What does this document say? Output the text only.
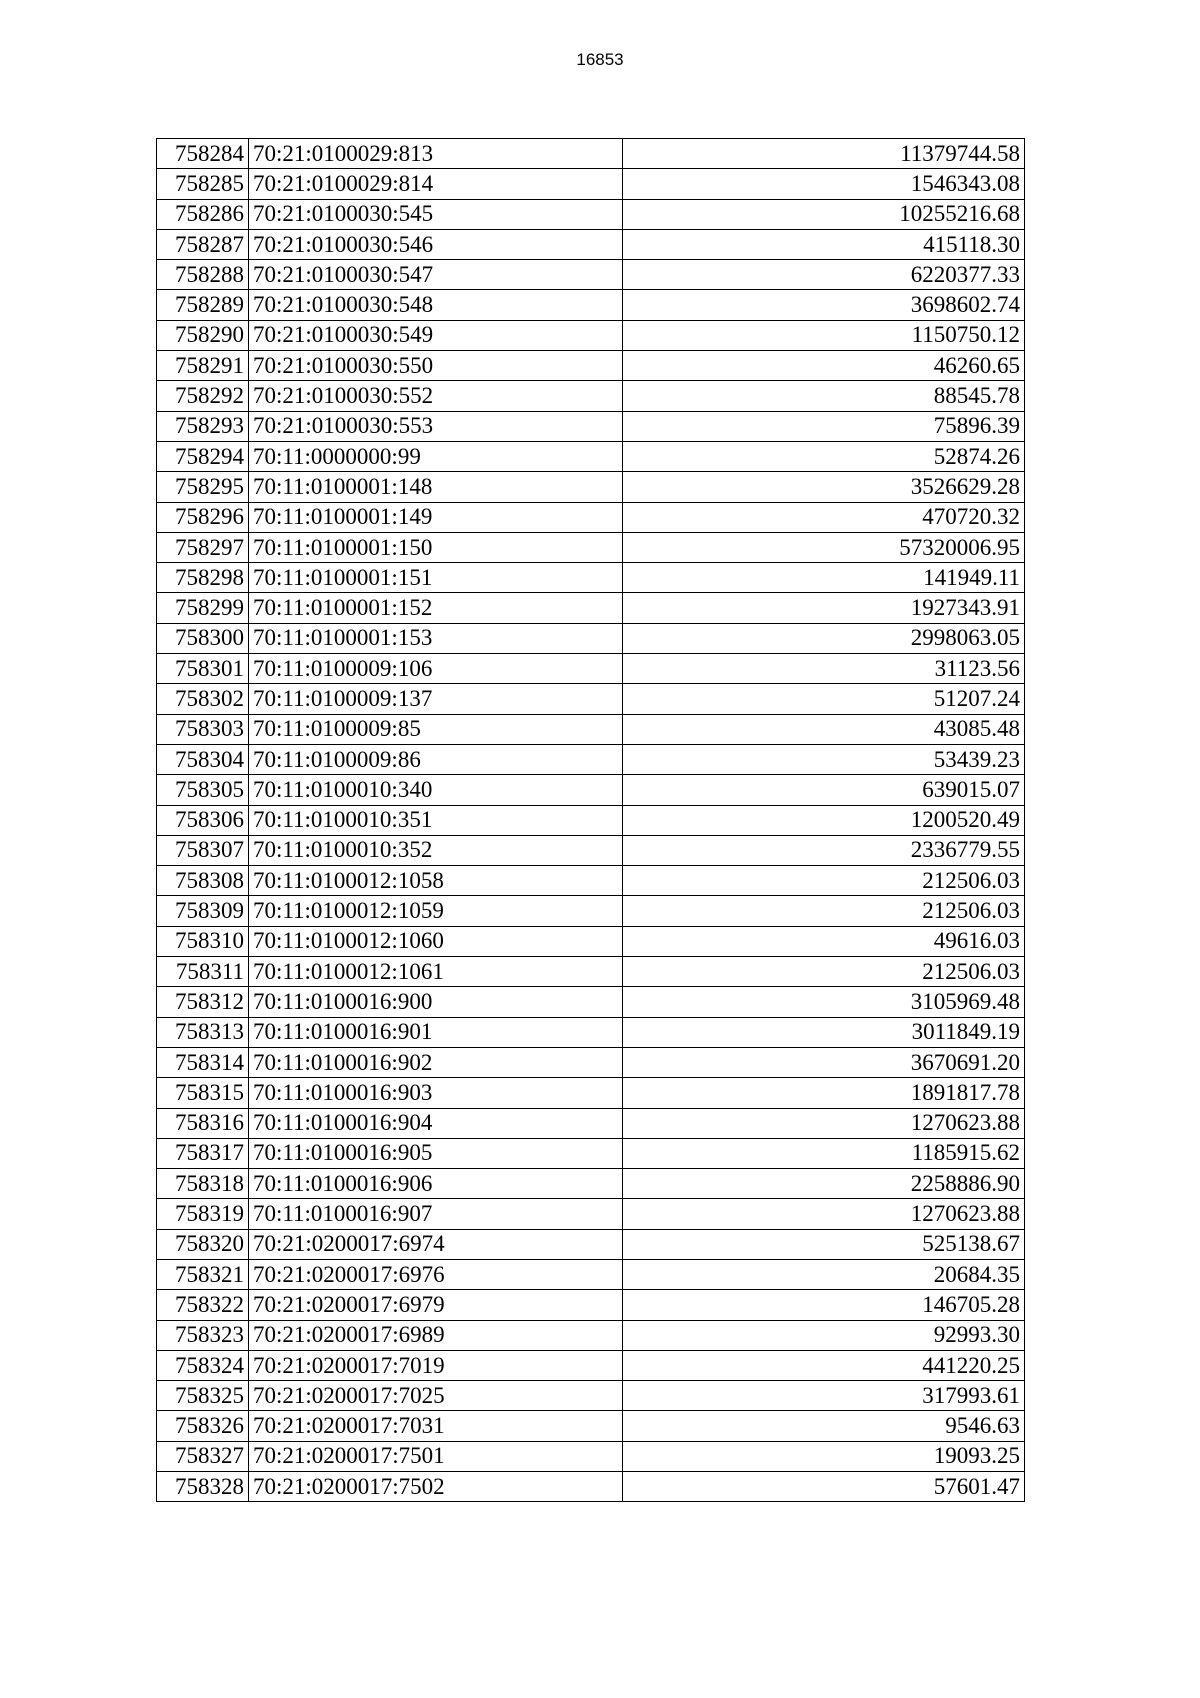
16853
758284	70:21:0100029:813	11379744.58
758285	70:21:0100029:814	1546343.08
758286	70:21:0100030:545	10255216.68
758287	70:21:0100030:546	415118.30
758288	70:21:0100030:547	6220377.33
758289	70:21:0100030:548	3698602.74
758290	70:21:0100030:549	1150750.12
758291	70:21:0100030:550	46260.65
758292	70:21:0100030:552	88545.78
758293	70:21:0100030:553	75896.39
758294	70:11:0000000:99	52874.26
758295	70:11:0100001:148	3526629.28
758296	70:11:0100001:149	470720.32
758297	70:11:0100001:150	57320006.95
758298	70:11:0100001:151	141949.11
758299	70:11:0100001:152	1927343.91
758300	70:11:0100001:153	2998063.05
758301	70:11:0100009:106	31123.56
758302	70:11:0100009:137	51207.24
758303	70:11:0100009:85	43085.48
758304	70:11:0100009:86	53439.23
758305	70:11:0100010:340	639015.07
758306	70:11:0100010:351	1200520.49
758307	70:11:0100010:352	2336779.55
758308	70:11:0100012:1058	212506.03
758309	70:11:0100012:1059	212506.03
758310	70:11:0100012:1060	49616.03
758311	70:11:0100012:1061	212506.03
758312	70:11:0100016:900	3105969.48
758313	70:11:0100016:901	3011849.19
758314	70:11:0100016:902	3670691.20
758315	70:11:0100016:903	1891817.78
758316	70:11:0100016:904	1270623.88
758317	70:11:0100016:905	1185915.62
758318	70:11:0100016:906	2258886.90
758319	70:11:0100016:907	1270623.88
758320	70:21:0200017:6974	525138.67
758321	70:21:0200017:6976	20684.35
758322	70:21:0200017:6979	146705.28
758323	70:21:0200017:6989	92993.30
758324	70:21:0200017:7019	441220.25
758325	70:21:0200017:7025	317993.61
758326	70:21:0200017:7031	9546.63
758327	70:21:0200017:7501	19093.25
758328	70:21:0200017:7502	57601.47
